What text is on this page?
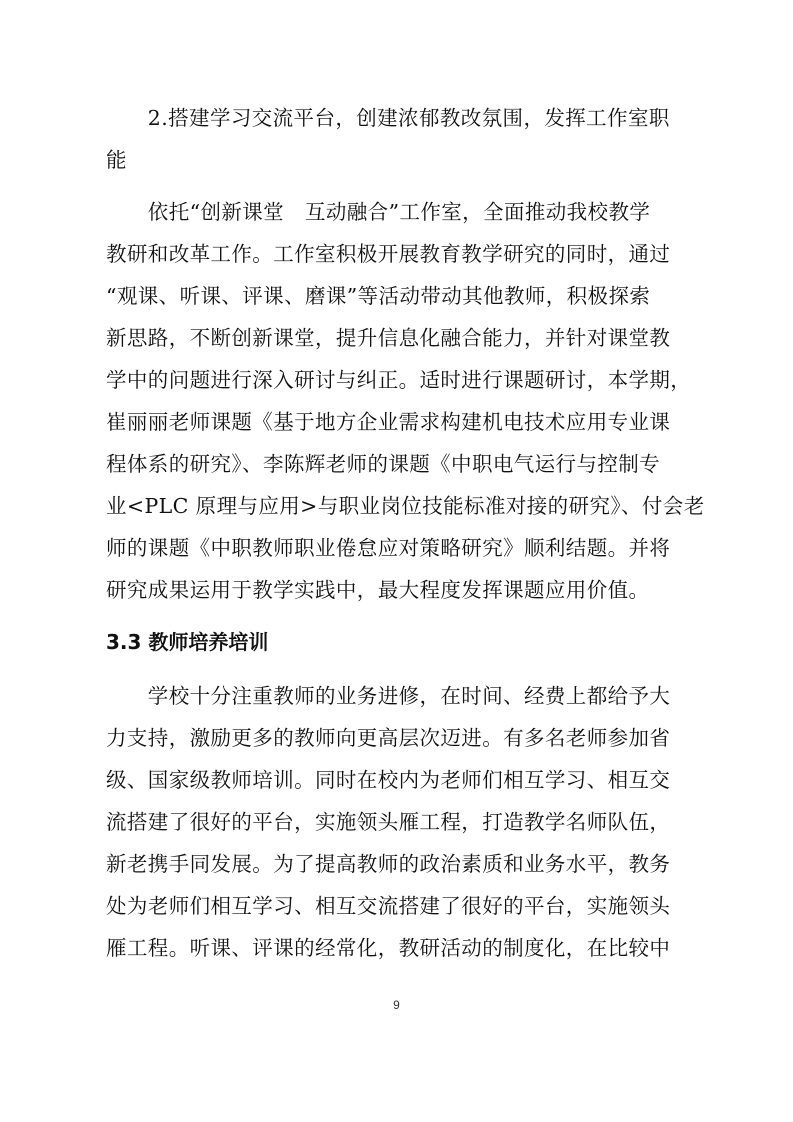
　　2.搭建学习交流平台，创建浓郁教改氛围，发挥工作室职
能
　　依托“创新课堂　互动融合”工作室，全面推动我校教学
教研和改革工作。工作室积极开展教育教学研究的同时，通过
“观课、听课、评课、磨课”等活动带动其他教师，积极探索
新思路，不断创新课堂，提升信息化融合能力，并针对课堂教
学中的问题进行深入研讨与纠正。适时进行课题研讨，本学期，
崔丽丽老师课题《基于地方企业需求构建机电技术应用专业课
程体系的研究》、李陈辉老师的课题《中职电气运行与控制专
业<PLC 原理与应用>与职业岗位技能标准对接的研究》、付会老
师的课题《中职教师职业倦怠应对策略研究》顺利结题。并将
研究成果运用于教学实践中，最大程度发挥课题应用价值。
3.3 教师培养培训
　　学校十分注重教师的业务进修，在时间、经费上都给予大
力支持，激励更多的教师向更高层次迈进。有多名老师参加省
级、国家级教师培训。同时在校内为老师们相互学习、相互交
流搭建了很好的平台，实施领头雁工程，打造教学名师队伍，
新老携手同发展。为了提高教师的政治素质和业务水平，教务
处为老师们相互学习、相互交流搭建了很好的平台，实施领头
雁工程。听课、评课的经常化，教研活动的制度化，在比较中
9
